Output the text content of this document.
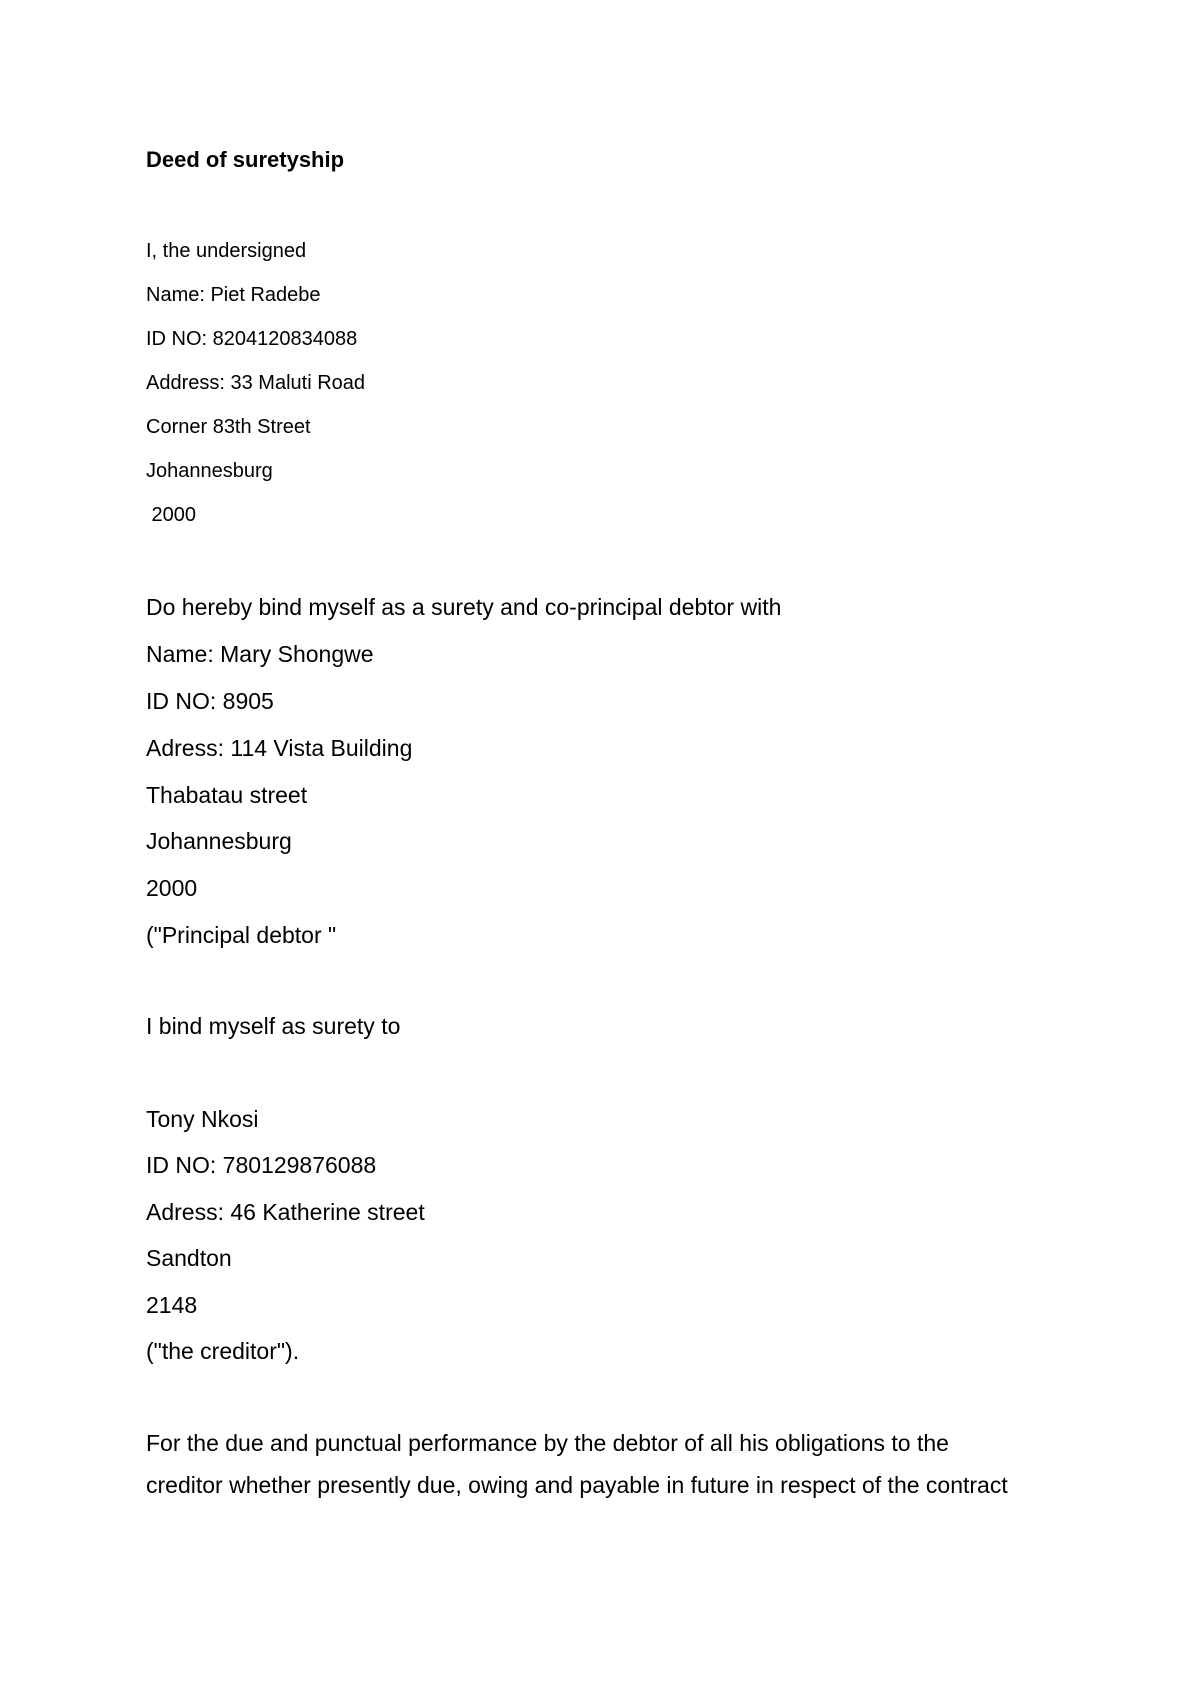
Deed of suretyship
I, the undersigned
Name: Piet Radebe
ID NO: 8204120834088
Address: 33 Maluti Road
Corner 83th Street
Johannesburg
2000
Do hereby bind myself as a surety and co-principal debtor with
Name: Mary Shongwe
ID NO: 8905
Adress: 114 Vista Building
Thabatau street
Johannesburg
2000
("Principal debtor "
I bind myself as surety to
Tony Nkosi
ID NO: 780129876088
Adress: 46 Katherine street
Sandton
2148
("the creditor").
For the due and punctual performance by the debtor of all his obligations to the
creditor whether presently due, owing and payable in future in respect of the contract
